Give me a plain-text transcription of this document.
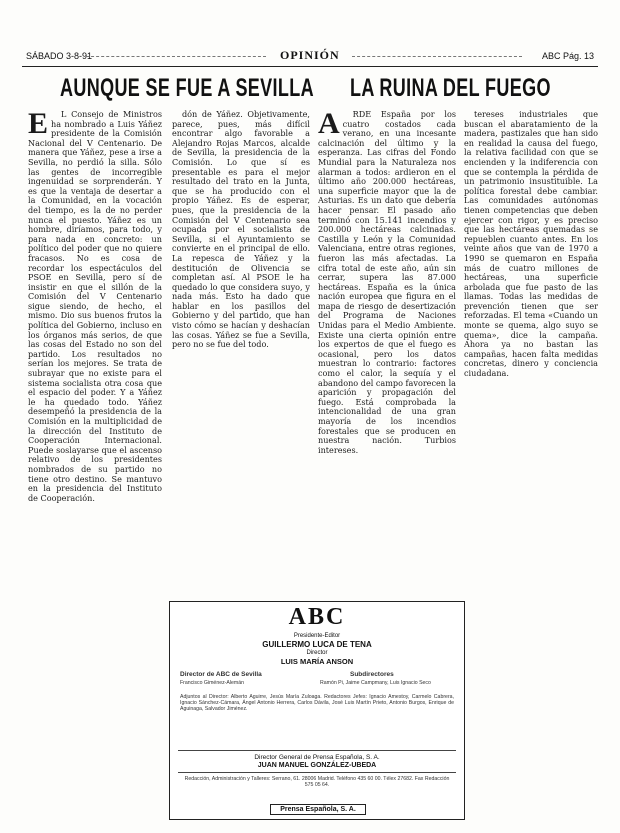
SÁBADO 3-8-91	OPINIÓN	ABC Pág. 13
AUNQUE SE FUE A SEVILLA
E	L Consejo de Ministros ha nombrado a Luis Yáñez presidente de la Comisión Nacional del V Centenario. De manera que Yáñez, pese a irse a Sevilla, no perdió la silla. Sólo las gentes de incorregible ingenuidad se sorprenderán. Y es que la ventaja de desertar a la Comunidad, en la vocación del tiempo, es la de no perder nunca el puesto. Yáñez es un hombre, diríamos, para todo, y para nada en concreto: un político del poder que no quiere fracasos. No es cosa de recordar los espectáculos del PSOE en Sevilla, pero sí de insistir en que el sillón de la Comisión del V Centenario sigue siendo, de hecho, el mismo. Dio sus buenos frutos la política del Gobierno, incluso en los órganos más serios, de que las cosas del Estado no son del partido. Los resultados no serían los mejores. Se trata de subrayar que no existe para el sistema socialista otra cosa que el espacio del poder. Y a Yáñez le ha quedado todo. Yáñez desempeñó la presidencia de la Comisión en la multiplicidad de la dirección del Instituto de Cooperación Internacional. Puede soslayarse que el ascenso relativo de los presidentes nombrados de su partido no tiene otro destino. Se mantuvo en la presidencia del Instituto de Cooperación.

dón de Yáñez. Objetivamente, parece, pues, más difícil encontrar algo favorable a Alejandro Rojas Marcos, alcalde de Sevilla, la presidencia de la Comisión. Lo que sí es presentable es para el mejor resultado del trato en la Junta, que se ha producido con el propio Yáñez. Es de esperar, pues, que la presidencia de la Comisión del V Centenario sea ocupada por el socialista de Sevilla, si el Ayuntamiento se convierte en el principal de ello. La repesca de Yáñez y la destitución de Olivencia se completan así. Al PSOE le ha quedado lo que considera suyo, y nada más. Esto ha dado que hablar en los pasillos del Gobierno y del partido, que han visto cómo se hacían y deshacían las cosas. Yáñez se fue a Sevilla, pero no se fue del todo.

LA RUINA DEL FUEGO
A	RDE España por los cuatro costados cada verano, en una incesante calcinación del último y la esperanza. Las cifras del Fondo Mundial para la Naturaleza nos alarman a todos: ardieron en el último año 200.000 hectáreas, una superficie mayor que la de Asturias. Es un dato que debería hacer pensar. El pasado año terminó con 15.141 incendios y 200.000 hectáreas calcinadas. Castilla y León y la Comunidad Valenciana, entre otras regiones, fueron las más afectadas. La cifra total de este año, aún sin cerrar, supera las 87.000 hectáreas. España es la única nación europea que figura en el mapa de riesgo de desertización del Programa de Naciones Unidas para el Medio Ambiente. Existe una cierta opinión entre los expertos de que el fuego es ocasional, pero los datos muestran lo contrario: factores como el calor, la sequía y el abandono del campo favorecen la aparición y propagación del fuego. Está comprobada la intencionalidad de una gran mayoría de los incendios forestales que se producen en nuestra nación. Turbios intereses.

tereses industriales que buscan el abaratamiento de la madera, pastizales que han sido en realidad la causa del fuego, la relativa facilidad con que se encienden y la indiferencia con que se contempla la pérdida de un patrimonio insustituible. La política forestal debe cambiar. Las comunidades autónomas tienen competencias que deben ejercer con rigor, y es preciso que las hectáreas quemadas se repueblen cuanto antes. En los veinte años que van de 1970 a 1990 se quemaron en España más de cuatro millones de hectáreas, una superficie arbolada que fue pasto de las llamas. Todas las medidas de prevención tienen que ser reforzadas. El tema «Cuando un monte se quema, algo suyo se quema», dice la campaña. Ahora ya no bastan las campañas, hacen falta medidas concretas, dinero y conciencia ciudadana.

ABC
Presidente-Editor
GUILLERMO LUCA DE TENA
Director
LUIS MARÍA ANSON
Director de ABC de Sevilla
Francisco Giménez-Alemán
Subdirectores
Ramón Pi, Jaime Campmany, Luis Ignacio Seco
Adjuntos al Director: Alberto Aguirre, Jesús María Zuloaga. Redactores Jefes: Ignacio Amestoy, Carmelo Cabrera, Ignacio Sánchez-Cámara, Ángel Antonio Herrera, Carlos Dávila, José Luis Martín Prieto, Antonio Burgos, Enrique de Aguinaga, Salvador Jiménez.
Director General de Prensa Española, S. A.
JUAN MANUEL GONZÁLEZ-UBEDA
Redacción, Administración y Talleres: Serrano, 61. 28006 Madrid. Teléfono 435 60 00. Télex 27682. Fax Redacción 575 05 64.
Prensa Española, S. A.
